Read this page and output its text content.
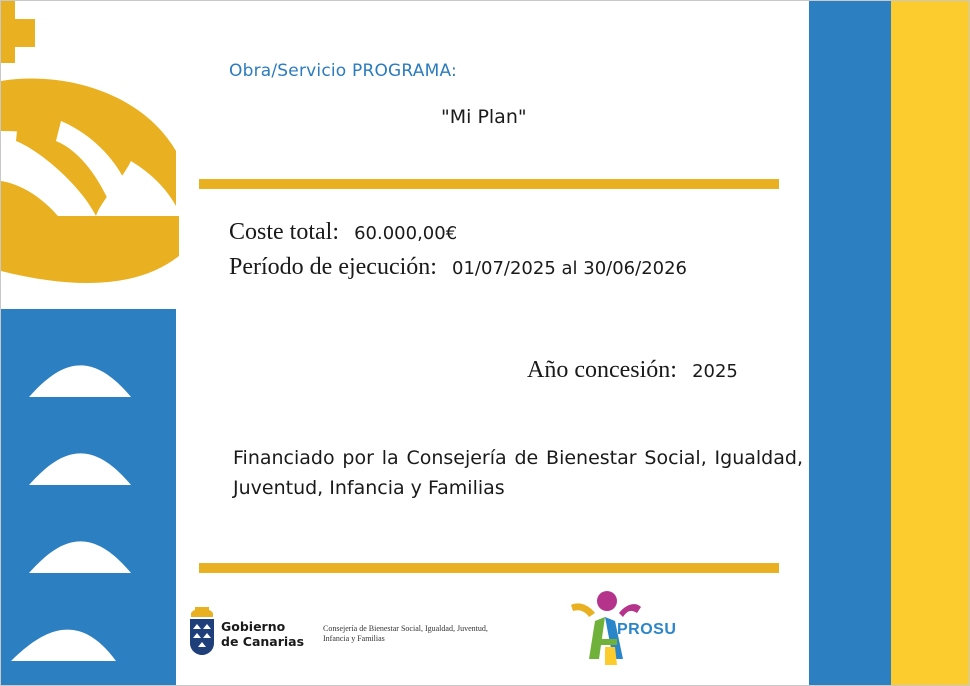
Obra/Servicio PROGRAMA:
"Mi Plan"
Coste total: 60.000,00€
Período de ejecución: 01/07/2025 al 30/06/2026
Año concesión: 2025
Financiado por la Consejería de Bienestar Social, Igualdad, Juventud, Infancia y Familias
Gobierno
de Canarias
Consejería de Bienestar Social, Igualdad, Juventud, Infancia y Familias
PROSU
